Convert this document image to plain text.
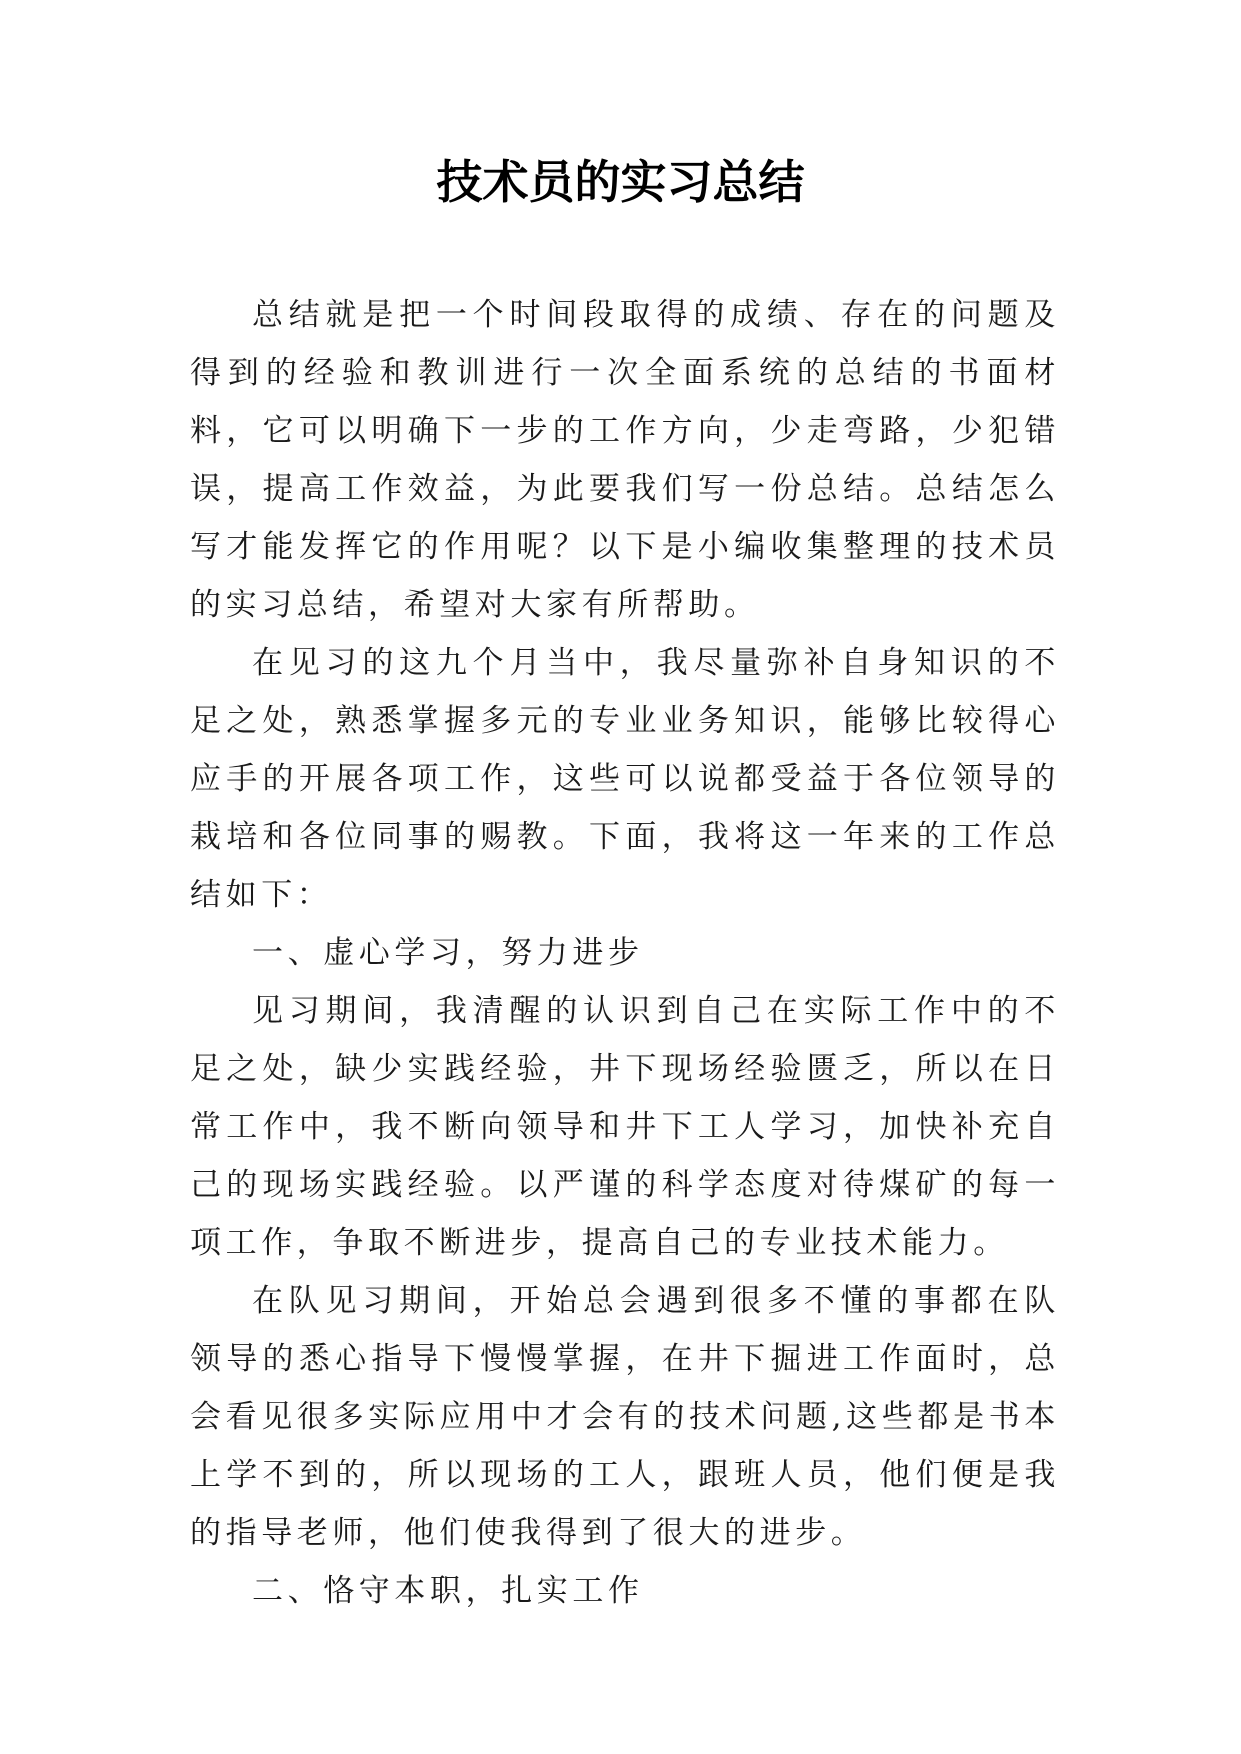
技术员的实习总结

总结就是把一个时间段取得的成绩、存在的问题及得到的经验和教训进行一次全面系统的总结的书面材料，它可以明确下一步的工作方向，少走弯路，少犯错误，提高工作效益，为此要我们写一份总结。总结怎么写才能发挥它的作用呢？以下是小编收集整理的技术员的实习总结，希望对大家有所帮助。

在见习的这九个月当中，我尽量弥补自身知识的不足之处，熟悉掌握多元的专业业务知识，能够比较得心应手的开展各项工作，这些可以说都受益于各位领导的栽培和各位同事的赐教。下面，我将这一年来的工作总结如下：

一、虚心学习，努力进步

见习期间，我清醒的认识到自己在实际工作中的不足之处，缺少实践经验，井下现场经验匮乏，所以在日常工作中，我不断向领导和井下工人学习，加快补充自己的现场实践经验。以严谨的科学态度对待煤矿的每一项工作，争取不断进步，提高自己的专业技术能力。

在队见习期间，开始总会遇到很多不懂的事都在队领导的悉心指导下慢慢掌握，在井下掘进工作面时，总会看见很多实际应用中才会有的技术问题,这些都是书本上学不到的，所以现场的工人，跟班人员，他们便是我的指导老师，他们使我得到了很大的进步。

二、恪守本职，扎实工作
